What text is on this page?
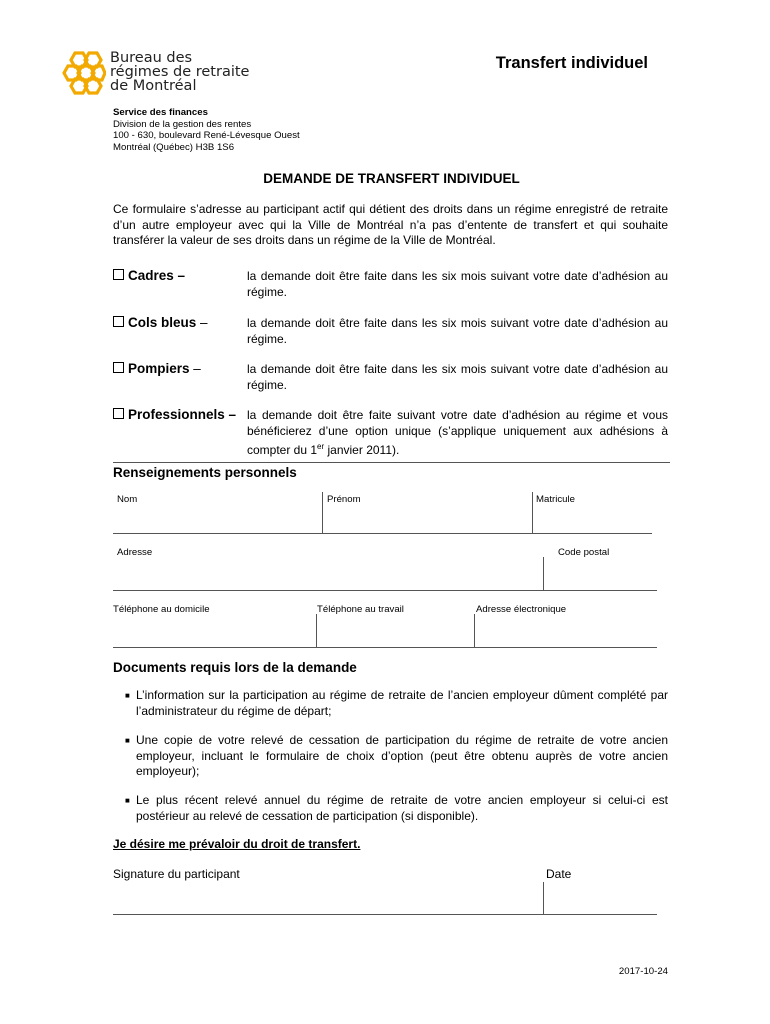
Bureau des
régimes de retraite
de Montréal
Transfert individuel
Service des finances
Division de la gestion des rentes
100 - 630, boulevard René-Lévesque Ouest
Montréal (Québec) H3B 1S6
DEMANDE DE TRANSFERT INDIVIDUEL
Ce formulaire s’adresse au participant actif qui détient des droits dans un régime enregistré de retraite d’un autre employeur avec qui la Ville de Montréal n’a pas d’entente de transfert et qui souhaite transférer la valeur de ses droits dans un régime de la Ville de Montréal.
Cadres –	la demande doit être faite dans les six mois suivant votre date d’adhésion au régime.
Cols bleus –	la demande doit être faite dans les six mois suivant votre date d’adhésion au régime.
Pompiers –	la demande doit être faite dans les six mois suivant votre date d’adhésion au régime.
Professionnels – la demande doit être faite suivant votre date d’adhésion au régime et vous bénéficierez d’une option unique (s’applique uniquement aux adhésions à compter du 1er janvier 2011).
Renseignements personnels
Nom	Prénom	Matricule
Adresse	Code postal
Téléphone au domicile	Téléphone au travail	Adresse électronique
Documents requis lors de la demande
■ L’information sur la participation au régime de retraite de l’ancien employeur dûment complété par l’administrateur du régime de départ;
■ Une copie de votre relevé de cessation de participation du régime de retraite de votre ancien employeur, incluant le formulaire de choix d’option (peut être obtenu auprès de votre ancien employeur);
■ Le plus récent relevé annuel du régime de retraite de votre ancien employeur si celui-ci est postérieur au relevé de cessation de participation (si disponible).
Je désire me prévaloir du droit de transfert.
Signature du participant	Date
2017-10-24
